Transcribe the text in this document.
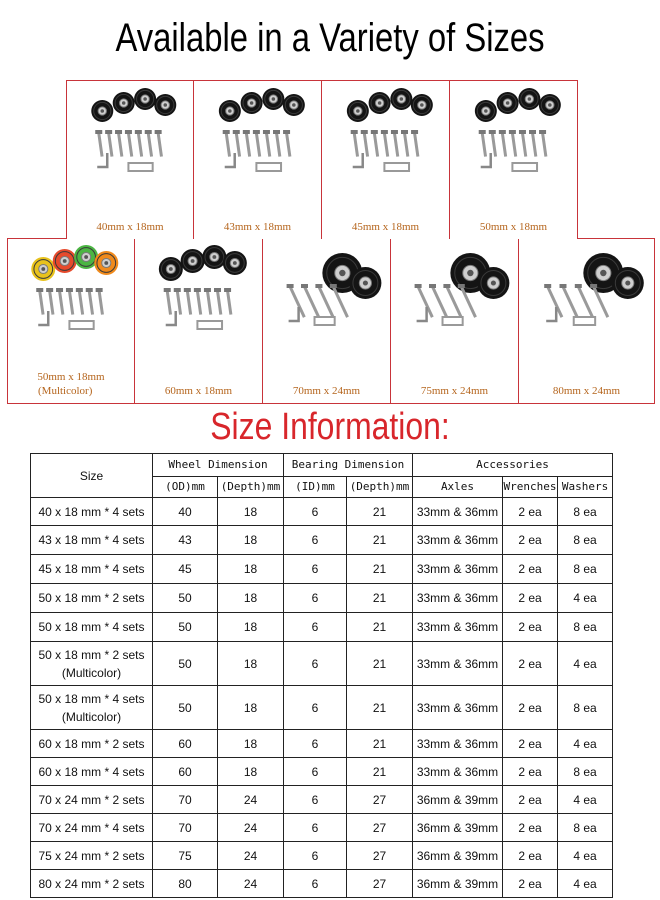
Available in a Variety of Sizes
40mm x 18mm	43mm x 18mm	45mm x 18mm	50mm x 18mm
50mm x 18mm
(Multicolor)	60mm x 18mm	70mm x 24mm	75mm x 24mm	80mm x 24mm
Size Information:
Size	Wheel Dimension		Bearing Dimension		Accessories		
	(OD)mm	(Depth)mm	(ID)mm	(Depth)mm	Axles	Wrenches	Washers

40 x 18 mm * 4 sets	40	18	6	21	33mm & 36mm	2 ea	8 ea

43 x 18 mm * 4 sets	43	18	6	21	33mm & 36mm	2 ea	8 ea

45 x 18 mm * 4 sets	45	18	6	21	33mm & 36mm	2 ea	8 ea

50 x 18 mm * 2 sets	50	18	6	21	33mm & 36mm	2 ea	4 ea

50 x 18 mm * 4 sets	50	18	6	21	33mm & 36mm	2 ea	8 ea

50 x 18 mm * 2 sets
(Multicolor)	50	18	6	21	33mm & 36mm	2 ea	4 ea

50 x 18 mm * 4 sets
(Multicolor)	50	18	6	21	33mm & 36mm	2 ea	8 ea

60 x 18 mm * 2 sets	60	18	6	21	33mm & 36mm	2 ea	4 ea

60 x 18 mm * 4 sets	60	18	6	21	33mm & 36mm	2 ea	8 ea

70 x 24 mm * 2 sets	70	24	6	27	36mm & 39mm	2 ea	4 ea

70 x 24 mm * 4 sets	70	24	6	27	36mm & 39mm	2 ea	8 ea

75 x 24 mm * 2 sets	75	24	6	27	36mm & 39mm	2 ea	4 ea

80 x 24 mm * 2 sets	80	24	6	27	36mm & 39mm	2 ea	4 ea
